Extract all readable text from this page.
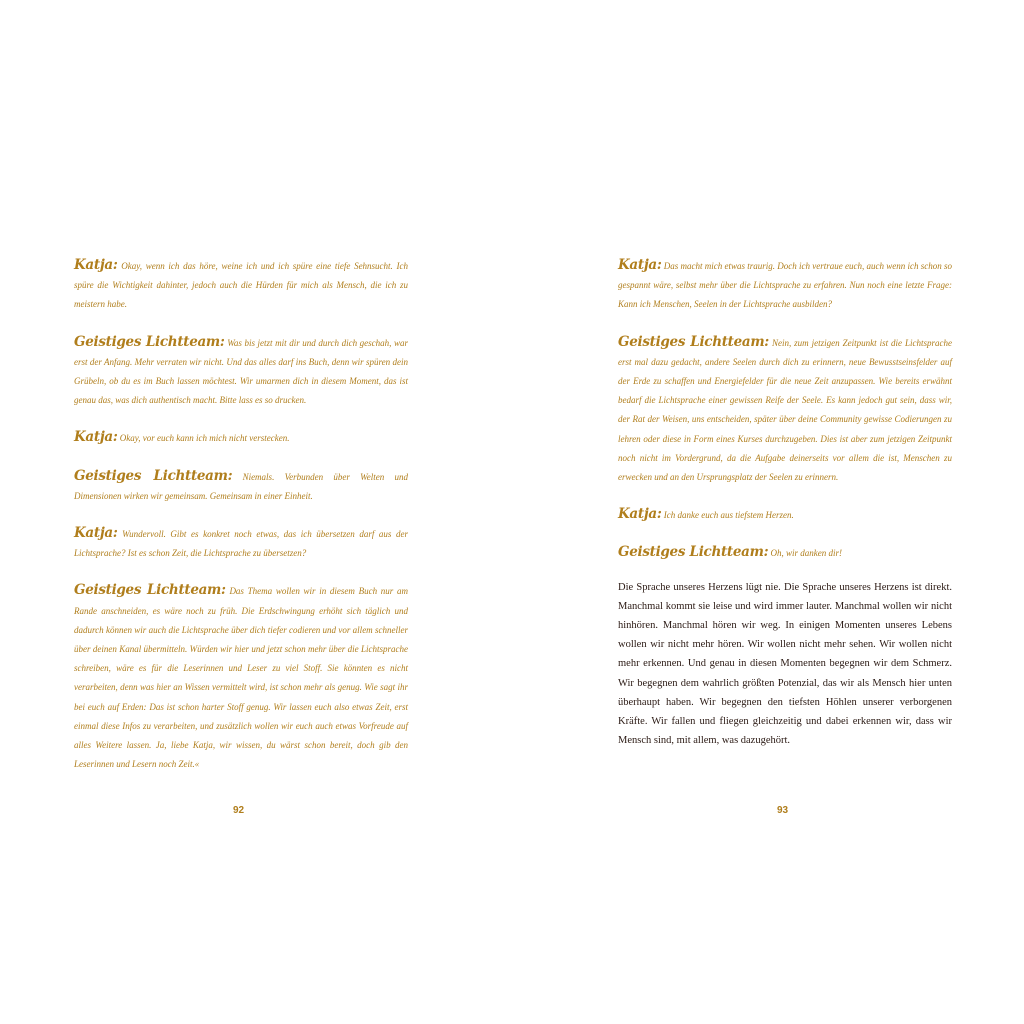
Katja: Okay, wenn ich das höre, weine ich und ich spüre eine tiefe Sehnsucht. Ich spüre die Wichtigkeit dahinter, jedoch auch die Hürden für mich als Mensch, die ich zu meistern habe.

Geistiges Lichtteam: Was bis jetzt mit dir und durch dich geschah, war erst der Anfang. Mehr verraten wir nicht. Und das alles darf ins Buch, denn wir spüren dein Grübeln, ob du es im Buch lassen möchtest. Wir umarmen dich in diesem Moment, das ist genau das, was dich authentisch macht. Bitte lass es so drucken.

Katja: Okay, vor euch kann ich mich nicht verstecken.

Geistiges Lichtteam: Niemals. Verbunden über Welten und Dimensionen wirken wir gemeinsam. Gemeinsam in einer Einheit.

Katja: Wundervoll. Gibt es konkret noch etwas, das ich übersetzen darf aus der Lichtsprache? Ist es schon Zeit, die Lichtsprache zu übersetzen?

Geistiges Lichtteam: Das Thema wollen wir in diesem Buch nur am Rande anschneiden, es wäre noch zu früh. Die Erdschwingung erhöht sich täglich und dadurch können wir auch die Lichtsprache über dich tiefer codieren und vor allem schneller über deinen Kanal übermitteln. Würden wir hier und jetzt schon mehr über die Lichtsprache schreiben, wäre es für die Leserinnen und Leser zu viel Stoff. Sie könnten es nicht verarbeiten, denn was hier an Wissen vermittelt wird, ist schon mehr als genug. Wie sagt ihr bei euch auf Erden: Das ist schon harter Stoff genug. Wir lassen euch also etwas Zeit, erst einmal diese Infos zu verarbeiten, und zusätzlich wollen wir euch auch etwas Vorfreude auf alles Weitere lassen. Ja, liebe Katja, wir wissen, du wärst schon bereit, doch gib den Leserinnen und Lesern noch Zeit.«

Katja: Das macht mich etwas traurig. Doch ich vertraue euch, auch wenn ich schon so gespannt wäre, selbst mehr über die Lichtsprache zu erfahren. Nun noch eine letzte Frage: Kann ich Menschen, Seelen in der Lichtsprache ausbilden?

Geistiges Lichtteam: Nein, zum jetzigen Zeitpunkt ist die Lichtsprache erst mal dazu gedacht, andere Seelen durch dich zu erinnern, neue Bewusstseinsfelder auf der Erde zu schaffen und Energiefelder für die neue Zeit anzupassen. Wie bereits erwähnt bedarf die Lichtsprache einer gewissen Reife der Seele. Es kann jedoch gut sein, dass wir, der Rat der Weisen, uns entscheiden, später über deine Community gewisse Codierungen zu lehren oder diese in Form eines Kurses durchzugeben. Dies ist aber zum jetzigen Zeitpunkt noch nicht im Vordergrund, da die Aufgabe deinerseits vor allem die ist, Menschen zu erwecken und an den Ursprungsplatz der Seelen zu erinnern.

Katja: Ich danke euch aus tiefstem Herzen.

Geistiges Lichtteam: Oh, wir danken dir!

Die Sprache unseres Herzens lügt nie. Die Sprache unseres Herzens ist direkt. Manchmal kommt sie leise und wird immer lauter. Manchmal wollen wir nicht hinhören. Manchmal hören wir weg. In einigen Momenten unseres Lebens wollen wir nicht mehr hören. Wir wollen nicht mehr sehen. Wir wollen nicht mehr erkennen. Und genau in diesen Momenten begegnen wir dem Schmerz. Wir begegnen dem wahrlich größten Potenzial, das wir als Mensch hier unten überhaupt haben. Wir begegnen den tiefsten Höhlen unserer verborgenen Kräfte. Wir fallen und fliegen gleichzeitig und dabei erkennen wir, dass wir Mensch sind, mit allem, was dazugehört.

92	93
